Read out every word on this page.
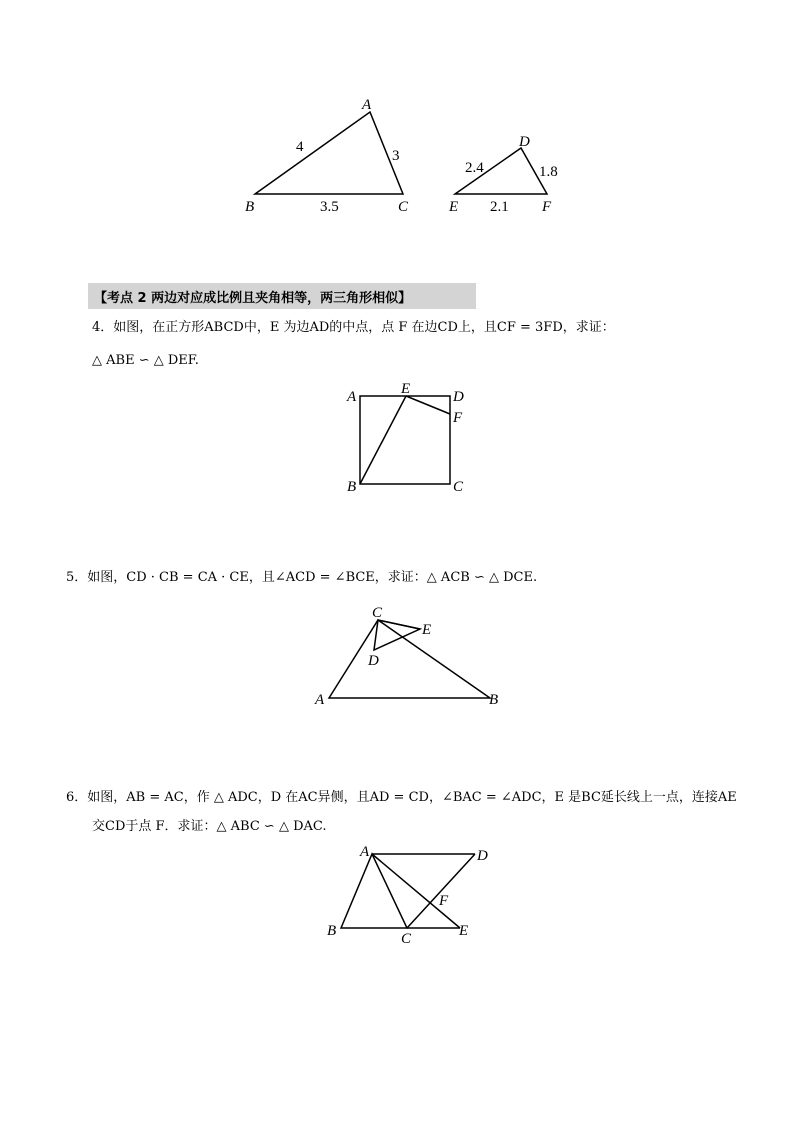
A
B	C
4
3
3.5
D
E	F
2.4	1.8
2.1
【考点 2 两边对应成比例且夹角相等，两三角形相似】
4．如图，在正方形ABCD中，E 为边AD的中点，点 F 在边CD上，且CF = 3FD，求证：
△ ABE ∽ △ DEF.
A	E	D
F
B	C
5．如图，CD · CB = CA · CE，且∠ACD = ∠BCE，求证：△ ACB ∽ △ DCE.
C
E
D
A	B
6．如图，AB = AC，作 △ ADC，D 在AC异侧，且AD = CD，∠BAC = ∠ADC，E 是BC延长线上一点，连接AE
交CD于点 F．求证：△ ABC ∽ △ DAC.
A	D
F
B	C	E
